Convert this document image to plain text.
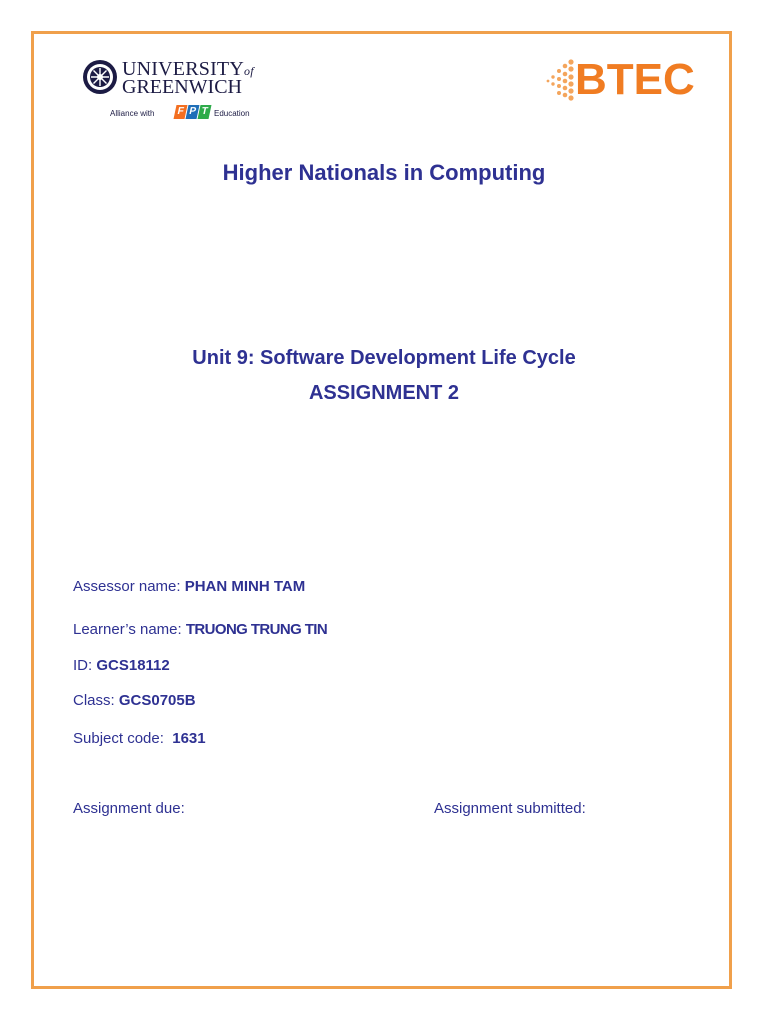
UNIVERSITYof
GREENWICH
Alliance with F P T Education
BTEC
Higher Nationals in Computing
Unit 9: Software Development Life Cycle
ASSIGNMENT 2
Assessor name: PHAN MINH TAM
Learner’s name: TRUONG TRUNG TIN
ID: GCS18112
Class: GCS0705B
Subject code:  1631
Assignment due:	Assignment submitted:
